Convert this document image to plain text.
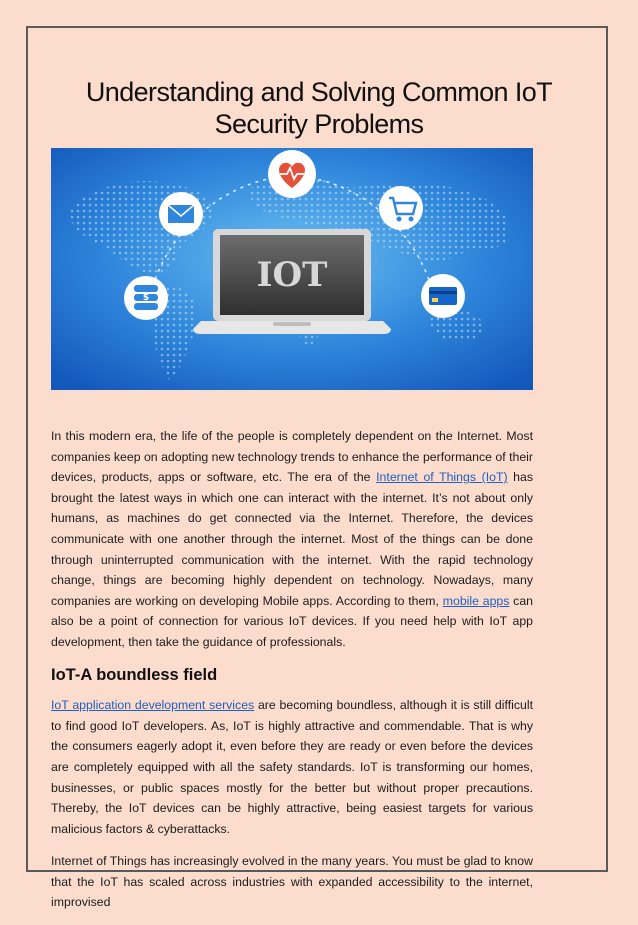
Understanding and Solving Common IoT
Security Problems
IOT
$

In this modern era, the life of the people is completely dependent on the Internet. Most companies keep on adopting new technology trends to enhance the performance of their devices, products, apps or software, etc. The era of the Internet of Things (IoT) has brought the latest ways in which one can interact with the internet. It’s not about only humans, as machines do get connected via the Internet. Therefore, the devices communicate with one another through the internet. Most of the things can be done through uninterrupted communication with the internet. With the rapid technology change, things are becoming highly dependent on technology. Nowadays, many companies are working on developing Mobile apps. According to them, mobile apps can also be a point of connection for various IoT devices. If you need help with IoT app development, then take the guidance of professionals.

IoT-A boundless field

IoT application development services are becoming boundless, although it is still difficult to find good IoT developers. As, IoT is highly attractive and commendable. That is why the consumers eagerly adopt it, even before they are ready or even before the devices are completely equipped with all the safety standards. IoT is transforming our homes, businesses, or public spaces mostly for the better but without proper precautions. Thereby, the IoT devices can be highly attractive, being easiest targets for various malicious factors & cyberattacks.

Internet of Things has increasingly evolved in the many years. You must be glad to know that the IoT has scaled across industries with expanded accessibility to the internet, improvised
